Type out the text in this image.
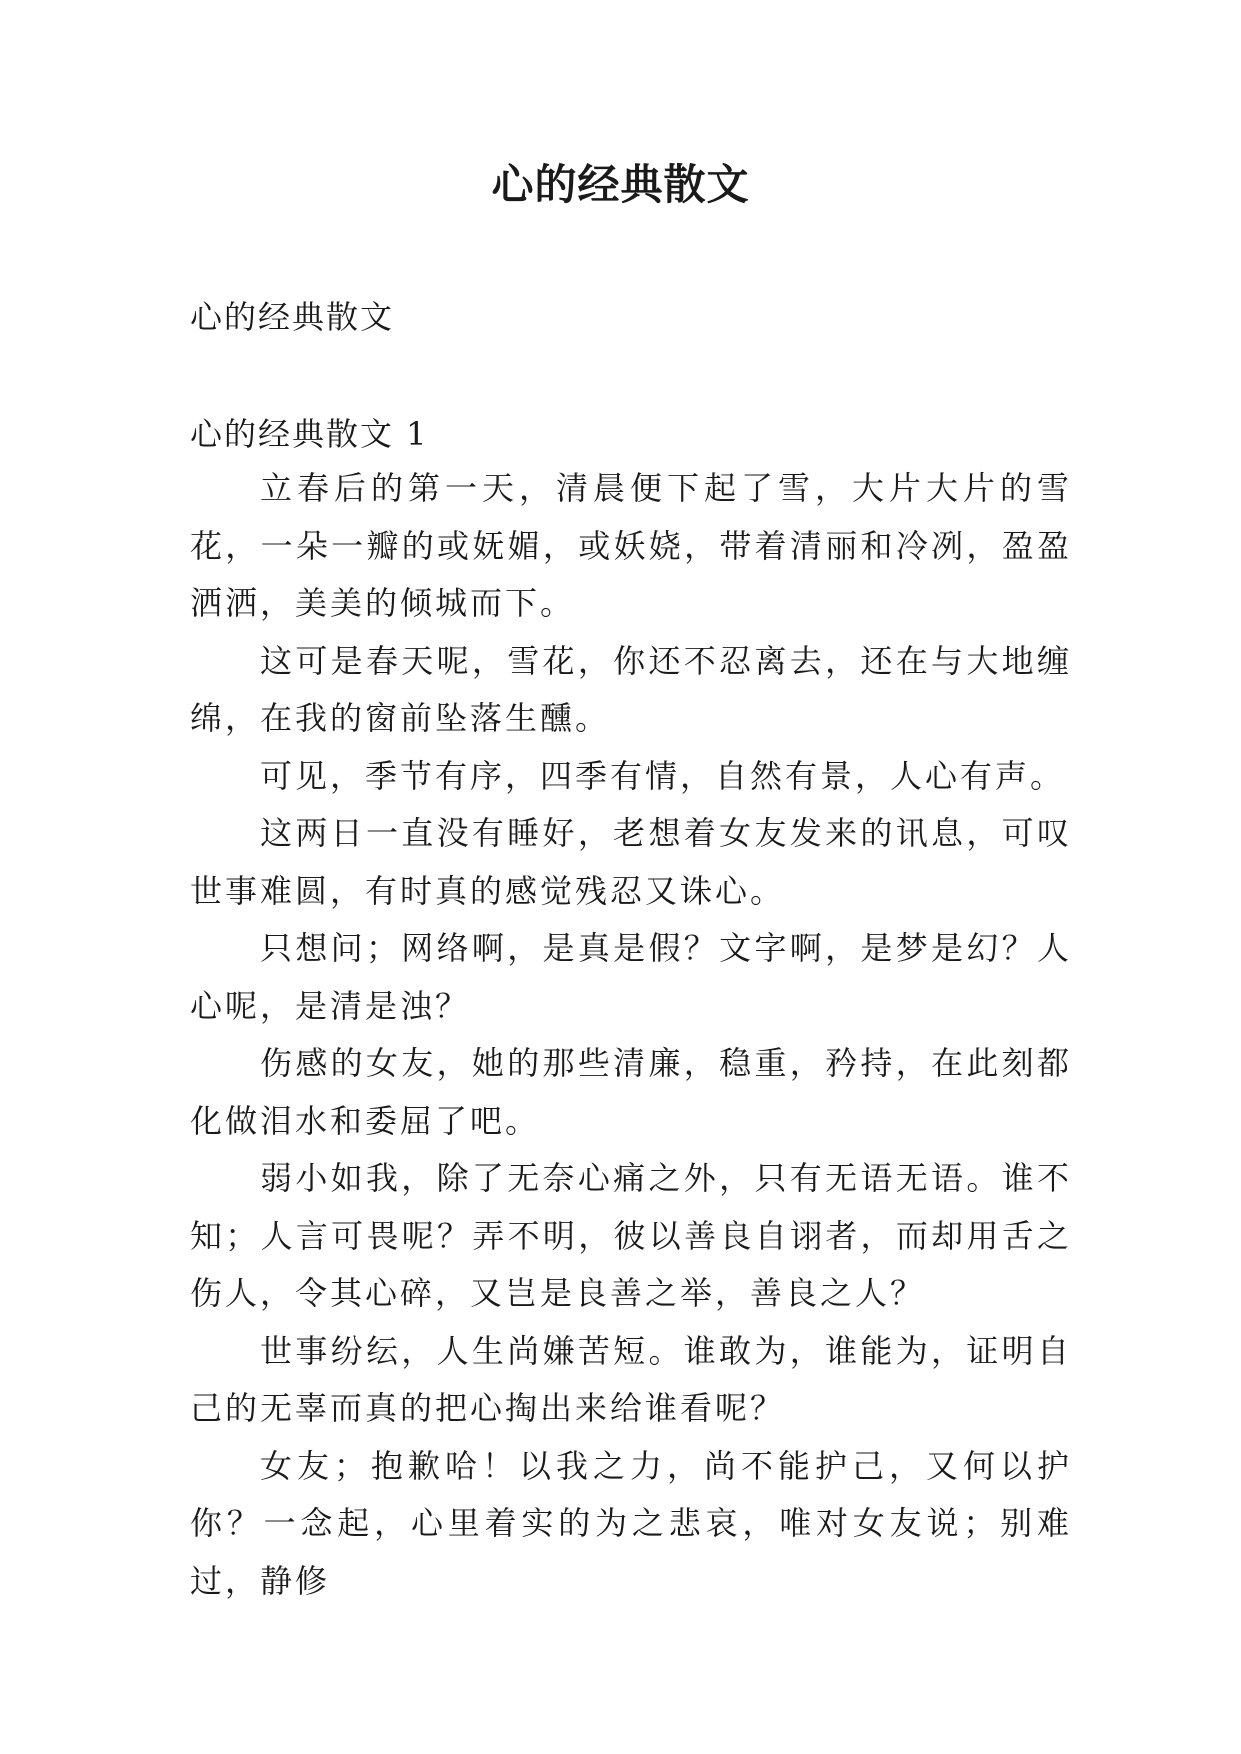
心的经典散文
心的经典散文
心的经典散文 1

立春后的第一天，清晨便下起了雪，大片大片的雪花，一朵一瓣的或妩媚，或妖娆，带着清丽和冷冽，盈盈洒洒，美美的倾城而下。

这可是春天呢，雪花，你还不忍离去，还在与大地缠绵，在我的窗前坠落生醺。

可见，季节有序，四季有情，自然有景，人心有声。

这两日一直没有睡好，老想着女友发来的讯息，可叹世事难圆，有时真的感觉残忍又诛心。

只想问；网络啊，是真是假？文字啊，是梦是幻？人心呢，是清是浊？

伤感的女友，她的那些清廉，稳重，矜持，在此刻都化做泪水和委屈了吧。

弱小如我，除了无奈心痛之外，只有无语无语。谁不知；人言可畏呢？弄不明，彼以善良自诩者，而却用舌之伤人，令其心碎，又岂是良善之举，善良之人？

世事纷纭，人生尚嫌苦短。谁敢为，谁能为，证明自己的无辜而真的把心掏出来给谁看呢？

女友；抱歉哈！以我之力，尚不能护己，又何以护你？一念起，心里着实的为之悲哀，唯对女友说；别难过，静修
